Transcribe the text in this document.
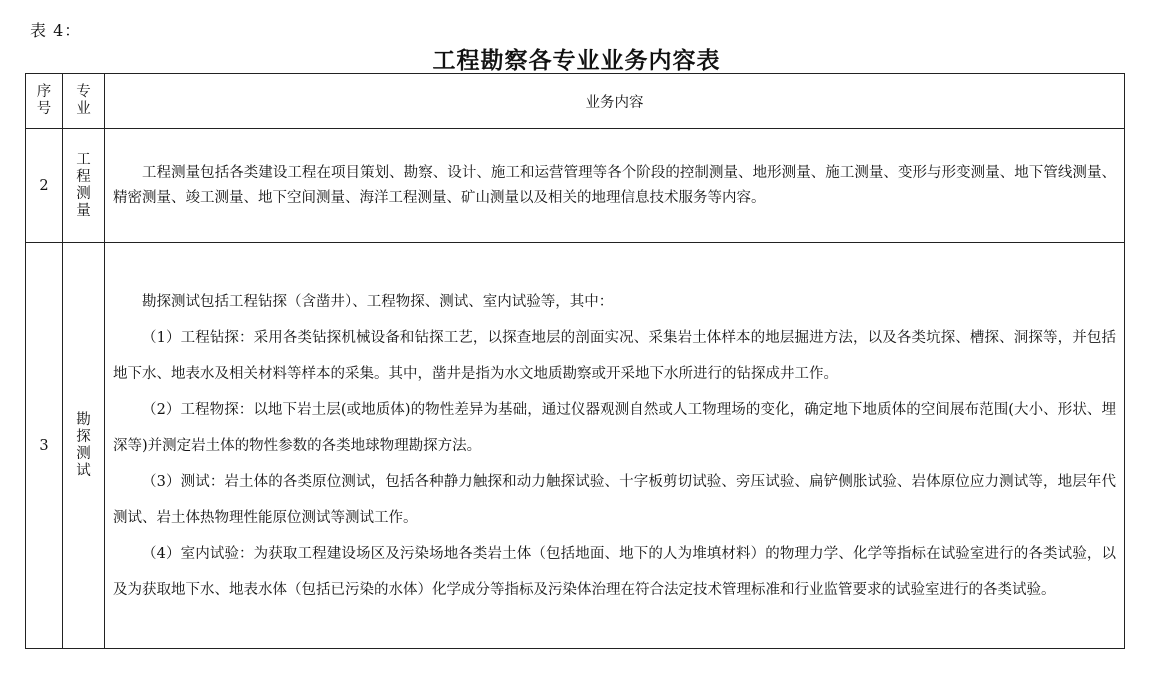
表 4：
工程勘察各专业业务内容表
序号	专业	业务内容
2	工程测量	工程测量包括各类建设工程在项目策划、勘察、设计、施工和运营管理等各个阶段的控制测量、地形测量、施工测量、变形与形变测量、地下管线测量、精密测量、竣工测量、地下空间测量、海洋工程测量、矿山测量以及相关的地理信息技术服务等内容。

3	勘探测试	勘探测试包括工程钻探（含凿井）、工程物探、测试、室内试验等，其中：

（1）工程钻探：采用各类钻探机械设备和钻探工艺，以探查地层的剖面实况、采集岩土体样本的地层掘进方法，以及各类坑探、槽探、洞探等，并包括地下水、地表水及相关材料等样本的采集。其中，凿井是指为水文地质勘察或开采地下水所进行的钻探成井工作。

（2）工程物探：以地下岩土层(或地质体)的物性差异为基础，通过仪器观测自然或人工物理场的变化，确定地下地质体的空间展布范围(大小、形状、埋深等)并测定岩土体的物性参数的各类地球物理勘探方法。

（3）测试：岩土体的各类原位测试，包括各种静力触探和动力触探试验、十字板剪切试验、旁压试验、扁铲侧胀试验、岩体原位应力测试等，地层年代测试、岩土体热物理性能原位测试等测试工作。

（4）室内试验：为获取工程建设场区及污染场地各类岩土体（包括地面、地下的人为堆填材料）的物理力学、化学等指标在试验室进行的各类试验，以及为获取地下水、地表水体（包括已污染的水体）化学成分等指标及污染体治理在符合法定技术管理标准和行业监管要求的试验室进行的各类试验。
